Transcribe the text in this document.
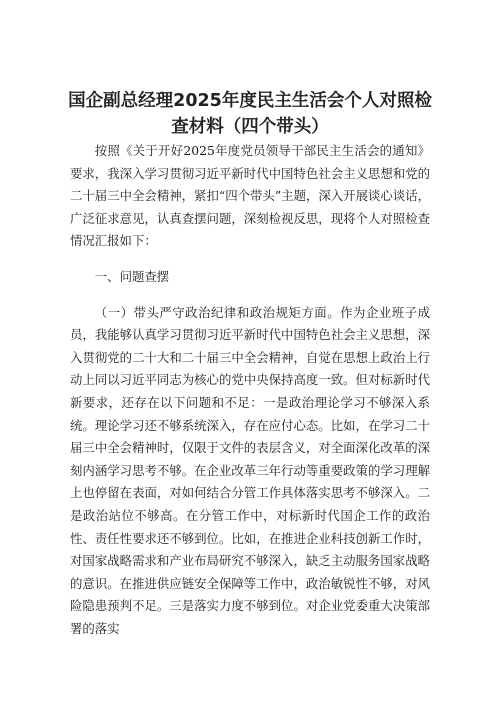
国企副总经理2025年度民主生活会个人对照检查材料（四个带头）

按照《关于开好2025年度党员领导干部民主生活会的通知》要求，我深入学习贯彻习近平新时代中国特色社会主义思想和党的二十届三中全会精神，紧扣“四个带头”主题，深入开展谈心谈话，广泛征求意见，认真查摆问题，深刻检视反思，现将个人对照检查情况汇报如下：

一、问题查摆

（一）带头严守政治纪律和政治规矩方面。作为企业班子成员，我能够认真学习贯彻习近平新时代中国特色社会主义思想，深入贯彻党的二十大和二十届三中全会精神，自觉在思想上政治上行动上同以习近平同志为核心的党中央保持高度一致。但对标新时代新要求，还存在以下问题和不足：一是政治理论学习不够深入系统。理论学习还不够系统深入，存在应付心态。比如，在学习二十届三中全会精神时，仅限于文件的表层含义，对全面深化改革的深刻内涵学习思考不够。在企业改革三年行动等重要政策的学习理解上也停留在表面，对如何结合分管工作具体落实思考不够深入。二是政治站位不够高。在分管工作中，对标新时代国企工作的政治性、责任性要求还不够到位。比如，在推进企业科技创新工作时，对国家战略需求和产业布局研究不够深入，缺乏主动服务国家战略的意识。在推进供应链安全保障等工作中，政治敏锐性不够，对风险隐患预判不足。三是落实力度不够到位。对企业党委重大决策部署的落实
